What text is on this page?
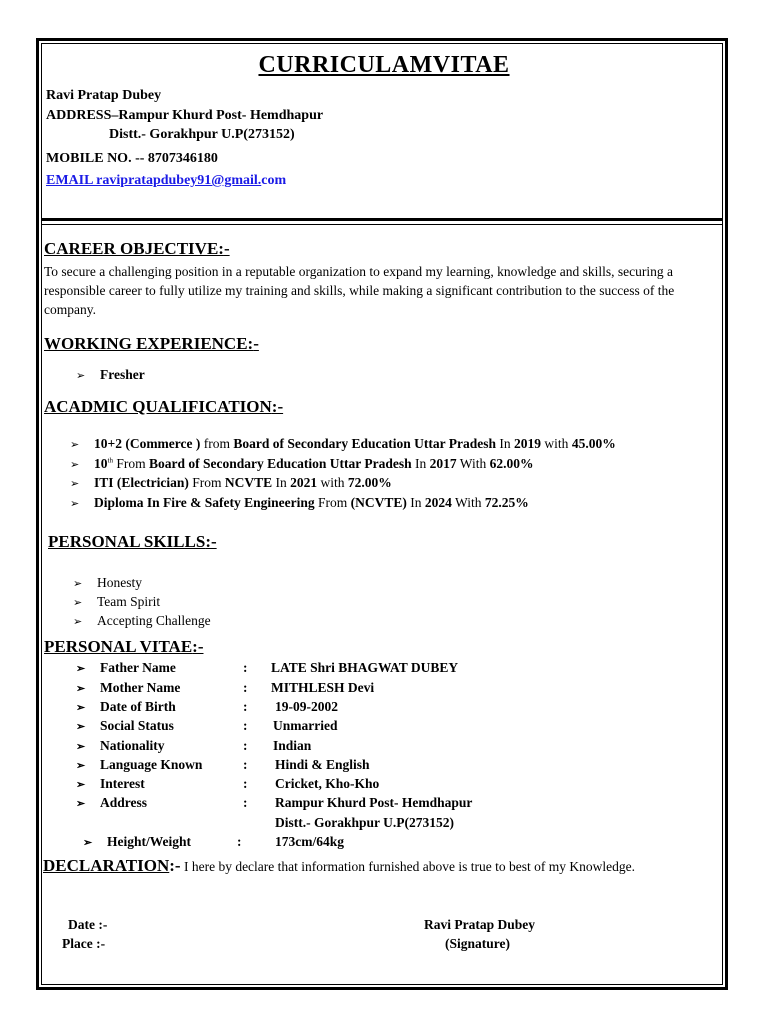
CURRICULAMVITAE
Ravi Pratap Dubey
ADDRESS–Rampur Khurd Post- Hemdhapur
Distt.- Gorakhpur U.P(273152)
MOBILE NO. -- 8707346180
EMAIL ravipratapdubey91@gmail.com
CAREER OBJECTIVE:-
To secure a challenging position in a reputable organization to expand my learning, knowledge and skills, securing a responsible career to fully utilize my training and skills, while making a significant contribution to the success of the company.
WORKING EXPERIENCE:-
➢ Fresher
ACADMIC QUALIFICATION:-
➢ 10+2 (Commerce ) from Board of Secondary Education Uttar Pradesh In 2019 with 45.00%
➢ 10th From Board of Secondary Education Uttar Pradesh In 2017 With 62.00%
➢ ITI (Electrician) From NCVTE In 2021 with 72.00%
➢ Diploma In Fire & Safety Engineering From (NCVTE) In 2024 With 72.25%
PERSONAL SKILLS:-
➢ Honesty
➢ Team Spirit
➢ Accepting Challenge
PERSONAL VITAE:-
➢ Father Name	: LATE Shri BHAGWAT DUBEY
➢ Mother Name	: MITHLESH Devi
➢ Date of Birth	: 19-09-2002
➢ Social Status	: Unmarried
➢ Nationality	: Indian
➢ Language Known	: Hindi & English
➢ Interest	: Cricket, Kho-Kho
➢ Address	: Rampur Khurd Post- Hemdhapur
Distt.- Gorakhpur U.P(273152)
➢ Height/Weight	: 173cm/64kg
DECLARATION:- I here by declare that information furnished above is true to best of my Knowledge.
Date :-
Place :-
Ravi Pratap Dubey
(Signature)
